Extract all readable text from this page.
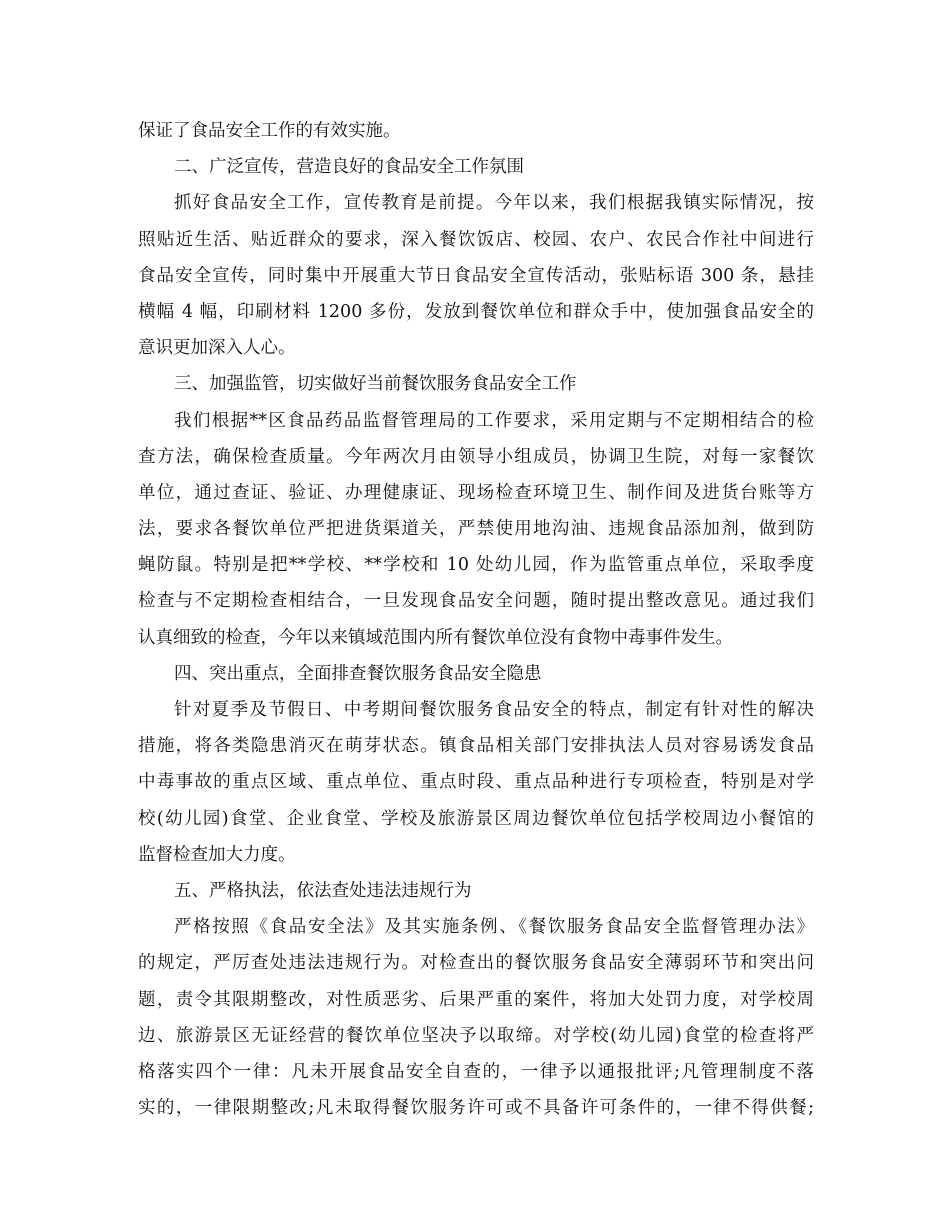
保证了食品安全工作的有效实施。
二、广泛宣传，营造良好的食品安全工作氛围
抓好食品安全工作，宣传教育是前提。今年以来，我们根据我镇实际情况，按
照贴近生活、贴近群众的要求，深入餐饮饭店、校园、农户、农民合作社中间进行
食品安全宣传，同时集中开展重大节日食品安全宣传活动，张贴标语 300 条，悬挂
横幅 4 幅，印刷材料 1200 多份，发放到餐饮单位和群众手中，使加强食品安全的
意识更加深入人心。
三、加强监管，切实做好当前餐饮服务食品安全工作
我们根据**区食品药品监督管理局的工作要求，采用定期与不定期相结合的检
查方法，确保检查质量。今年两次月由领导小组成员，协调卫生院，对每一家餐饮
单位，通过查证、验证、办理健康证、现场检查环境卫生、制作间及进货台账等方
法，要求各餐饮单位严把进货渠道关，严禁使用地沟油、违规食品添加剂，做到防
蝇防鼠。特别是把**学校、**学校和 10 处幼儿园，作为监管重点单位，采取季度
检查与不定期检查相结合，一旦发现食品安全问题，随时提出整改意见。通过我们
认真细致的检查，今年以来镇域范围内所有餐饮单位没有食物中毒事件发生。
四、突出重点，全面排查餐饮服务食品安全隐患
针对夏季及节假日、中考期间餐饮服务食品安全的特点，制定有针对性的解决
措施，将各类隐患消灭在萌芽状态。镇食品相关部门安排执法人员对容易诱发食品
中毒事故的重点区域、重点单位、重点时段、重点品种进行专项检查，特别是对学
校(幼儿园)食堂、企业食堂、学校及旅游景区周边餐饮单位包括学校周边小餐馆的
监督检查加大力度。
五、严格执法，依法查处违法违规行为
严格按照《食品安全法》及其实施条例、《餐饮服务食品安全监督管理办法》
的规定，严厉查处违法违规行为。对检查出的餐饮服务食品安全薄弱环节和突出问
题，责令其限期整改，对性质恶劣、后果严重的案件，将加大处罚力度，对学校周
边、旅游景区无证经营的餐饮单位坚决予以取缔。对学校(幼儿园)食堂的检查将严
格落实四个一律：凡未开展食品安全自查的，一律予以通报批评;凡管理制度不落
实的，一律限期整改;凡未取得餐饮服务许可或不具备许可条件的，一律不得供餐;
